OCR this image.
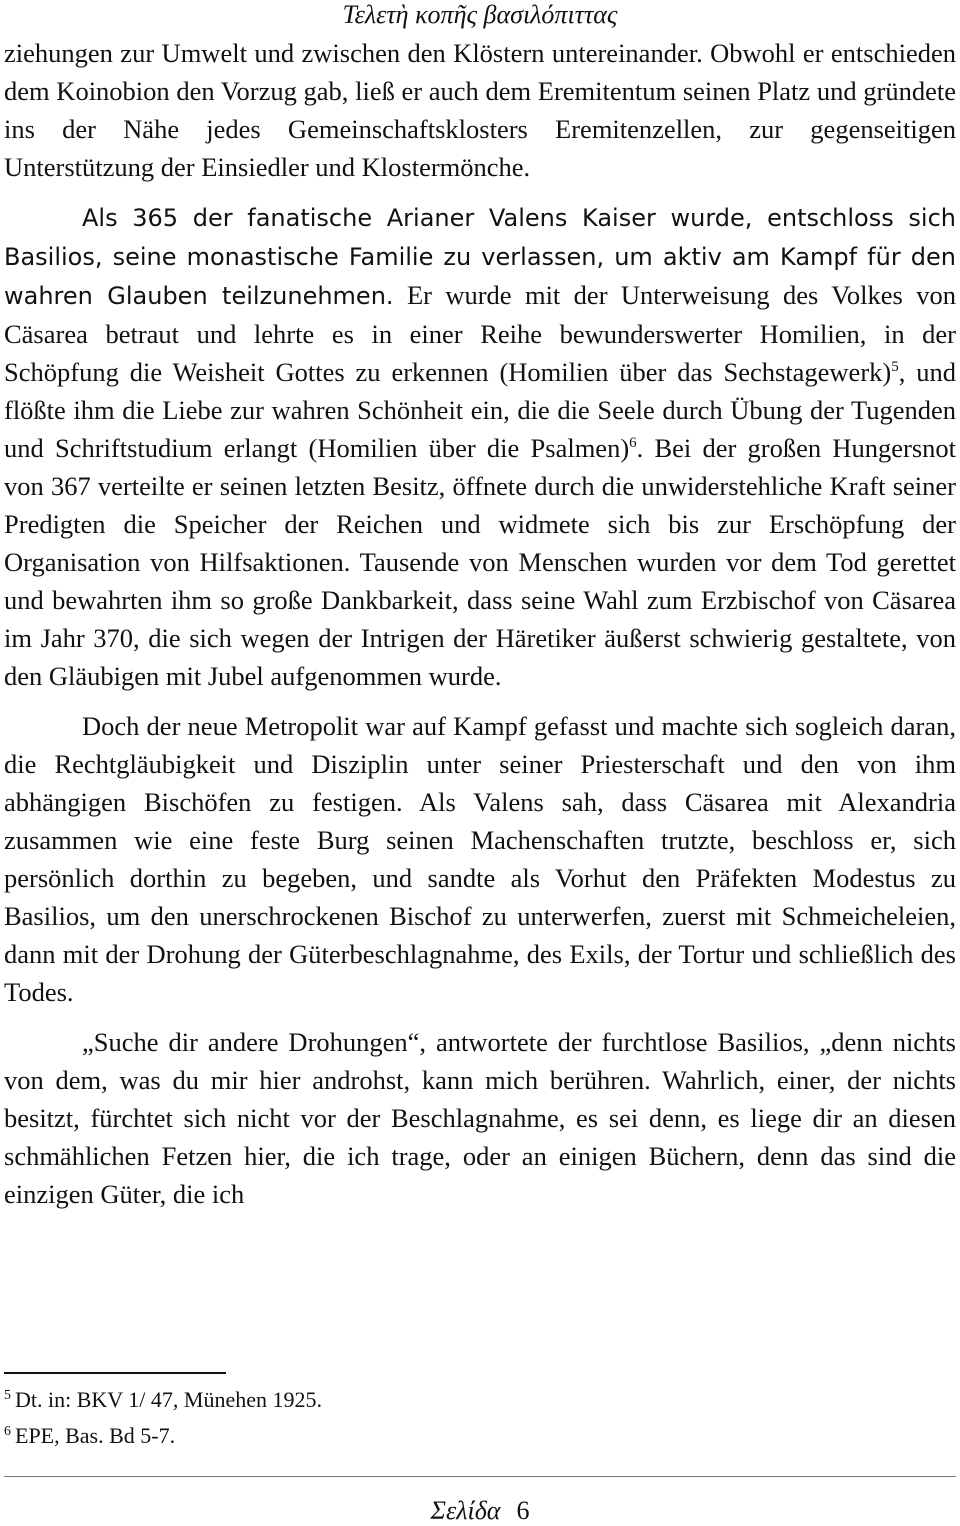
Τελετὴ κοπῆς βασιλόπιττας

ziehungen zur Umwelt und zwischen den Klöstern untereinander. Obwohl er entschieden dem Koinobion den Vorzug gab, ließ er auch dem Eremitentum seinen Platz und gründete ins der Nähe jedes Gemeinschaftsklosters Eremitenzellen, zur gegenseitigen Unterstützung der Einsiedler und Klostermönche.

Als 365 der fanatische Arianer Valens Kaiser wurde, entschloss sich Basilios, seine monastische Familie zu verlassen, um aktiv am Kampf für den wahren Glauben teilzunehmen. Er wurde mit der Unterweisung des Volkes von Cäsarea betraut und lehrte es in einer Reihe bewunderswerter Homilien, in der Schöpfung die Weisheit Gottes zu erkennen (Homilien über das Sechstagewerk)$^5$, und flößte ihm die Liebe zur wahren Schönheit ein, die die Seele durch Übung der Tugenden und Schriftstudium erlangt (Homilien über die Psalmen)$^6$. Bei der großen Hungersnot von 367 verteilte er seinen letzten Besitz, öffnete durch die unwiderstehliche Kraft seiner Predigten die Speicher der Reichen und widmete sich bis zur Erschöpfung der Organisation von Hilfsaktionen. Tausende von Menschen wurden vor dem Tod gerettet und bewahrten ihm so große Dankbarkeit, dass seine Wahl zum Erzbischof von Cäsarea im Jahr 370, die sich wegen der Intrigen der Häretiker äußerst schwierig gestaltete, von den Gläubigen mit Jubel aufgenommen wurde.

Doch der neue Metropolit war auf Kampf gefasst und machte sich sogleich daran, die Rechtgläubigkeit und Disziplin unter seiner Priesterschaft und den von ihm abhängigen Bischöfen zu festigen. Als Valens sah, dass Cäsarea mit Alexandria zusammen wie eine feste Burg seinen Machenschaften trutzte, beschloss er, sich persönlich dorthin zu begeben, und sandte als Vorhut den Präfekten Modestus zu Basilios, um den unerschrockenen Bischof zu unterwerfen, zuerst mit Schmeicheleien, dann mit der Drohung der Güterbeschlagnahme, des Exils, der Tortur und schließlich des Todes.

„Suche dir andere Drohungen“, antwortete der furchtlose Basilios, „denn nichts von dem, was du mir hier androhst, kann mich berühren. Wahrlich, einer, der nichts besitzt, fürchtet sich nicht vor der Beschlagnahme, es sei denn, es liege dir an diesen schmählichen Fetzen hier, die ich trage, oder an einigen Büchern, denn das sind die einzigen Güter, die ich

$^5$ Dt. in: BKV 1/ 47, Münehen 1925.
$^6$ EPE, Bas. Bd 5-7.
Σελίδα 6
